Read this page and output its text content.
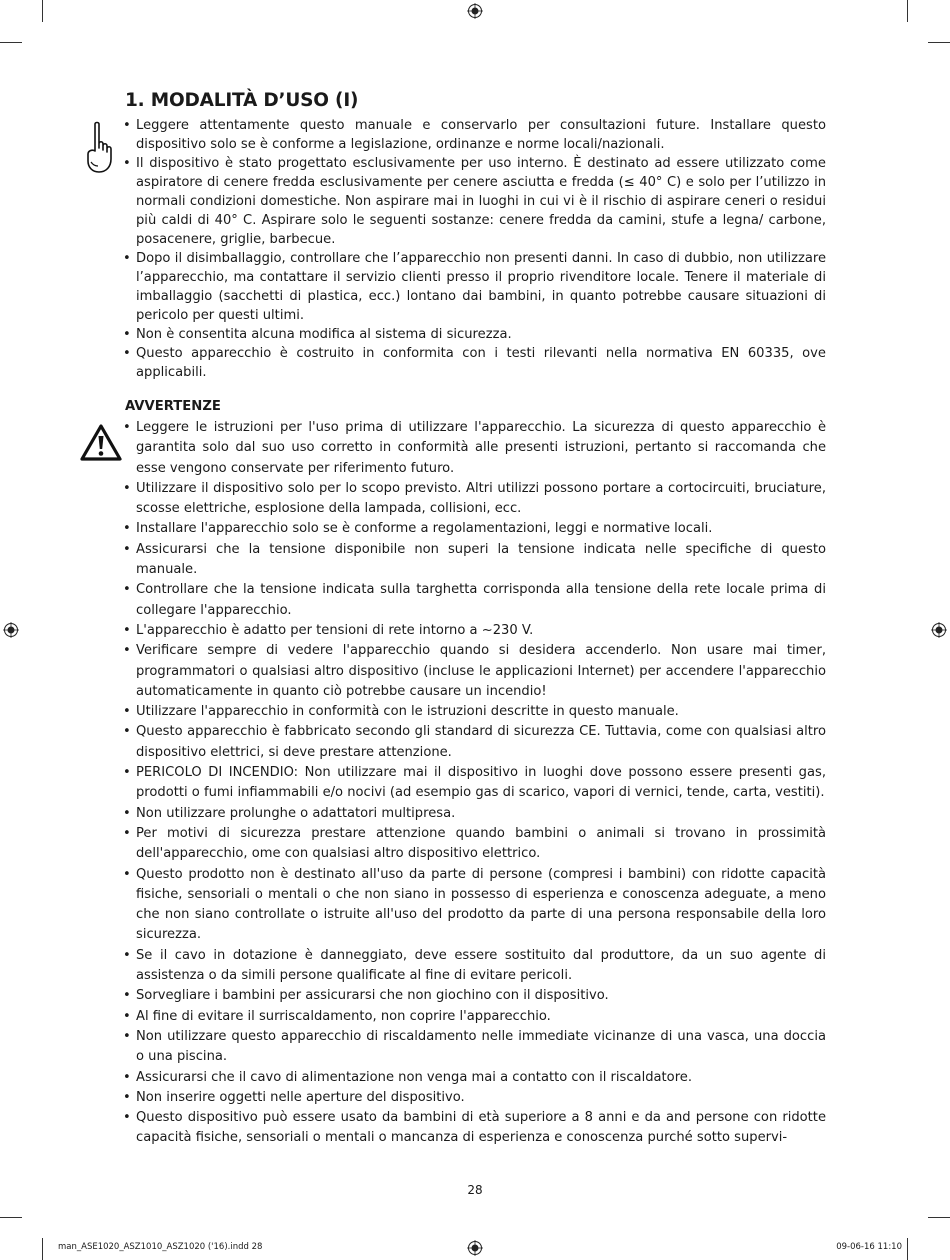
1. MODALITÀ D’USO (I)
• Leggere attentamente questo manuale e conservarlo per consultazioni future. Installare questo dispositivo solo se è conforme a legislazione, ordinanze e norme locali/nazionali.
• Il dispositivo è stato progettato esclusivamente per uso interno. È destinato ad essere utilizzato come aspiratore di cenere fredda esclusivamente per cenere asciutta e fredda (≤ 40° C) e solo per l’utilizzo in normali condizioni domestiche. Non aspirare mai in luoghi in cui vi è il rischio di aspirare ceneri o residui più caldi di 40° C. Aspirare solo le seguenti sostanze: cenere fredda da camini, stufe a legna/ carbone, posacenere, griglie, barbecue.
• Dopo il disimballaggio, controllare che l’apparecchio non presenti danni. In caso di dubbio, non utilizzare l’apparecchio, ma contattare il servizio clienti presso il proprio rivenditore locale. Tenere il materiale di imballaggio (sacchetti di plastica, ecc.) lontano dai bambini, in quanto potrebbe causare situazioni di pericolo per questi ultimi.
• Non è consentita alcuna modifica al sistema di sicurezza.
• Questo apparecchio è costruito in conformita con i testi rilevanti nella normativa EN 60335, ove applicabili.
AVVERTENZE
• Leggere le istruzioni per l'uso prima di utilizzare l'apparecchio. La sicurezza di questo apparecchio è garantita solo dal suo uso corretto in conformità alle presenti istruzioni, pertanto si raccomanda che esse vengono conservate per riferimento futuro.
• Utilizzare il dispositivo solo per lo scopo previsto. Altri utilizzi possono portare a cortocircuiti, bruciature, scosse elettriche, esplosione della lampada, collisioni, ecc.
• Installare l'apparecchio solo se è conforme a regolamentazioni, leggi e normative locali.
• Assicurarsi che la tensione disponibile non superi la tensione indicata nelle specifiche di questo manuale.
• Controllare che la tensione indicata sulla targhetta corrisponda alla tensione della rete locale prima di collegare l'apparecchio.
• L'apparecchio è adatto per tensioni di rete intorno a ~230 V.
• Verificare sempre di vedere l'apparecchio quando si desidera accenderlo. Non usare mai timer, programmatori o qualsiasi altro dispositivo (incluse le applicazioni Internet) per accendere l'apparecchio automaticamente in quanto ciò potrebbe causare un incendio!
• Utilizzare l'apparecchio in conformità con le istruzioni descritte in questo manuale.
• Questo apparecchio è fabbricato secondo gli standard di sicurezza CE. Tuttavia, come con qualsiasi altro dispositivo elettrici, si deve prestare attenzione.
• PERICOLO DI INCENDIO: Non utilizzare mai il dispositivo in luoghi dove possono essere presenti gas, prodotti o fumi infiammabili e/o nocivi (ad esempio gas di scarico, vapori di vernici, tende, carta, vestiti).
• Non utilizzare prolunghe o adattatori multipresa.
• Per motivi di sicurezza prestare attenzione quando bambini o animali si trovano in prossimità dell'apparecchio, ome con qualsiasi altro dispositivo elettrico.
• Questo prodotto non è destinato all'uso da parte di persone (compresi i bambini) con ridotte capacità fisiche, sensoriali o mentali o che non siano in possesso di esperienza e conoscenza adeguate, a meno che non siano controllate o istruite all'uso del prodotto da parte di una persona responsabile della loro sicurezza.
• Se il cavo in dotazione è danneggiato, deve essere sostituito dal produttore, da un suo agente di assistenza o da simili persone qualificate al fine di evitare pericoli.
• Sorvegliare i bambini per assicurarsi che non giochino con il dispositivo.
• Al fine di evitare il surriscaldamento, non coprire l'apparecchio.
• Non utilizzare questo apparecchio di riscaldamento nelle immediate vicinanze di una vasca, una doccia o una piscina.
• Assicurarsi che il cavo di alimentazione non venga mai a contatto con il riscaldatore.
• Non inserire oggetti nelle aperture del dispositivo.
• Questo dispositivo può essere usato da bambini di età superiore a 8 anni e da and persone con ridotte capacità fisiche, sensoriali o mentali o mancanza di esperienza e conoscenza purché sotto supervi-
28
man_ASE1020_ASZ1010_ASZ1020 ('16).indd 28	09-06-16 11:10
